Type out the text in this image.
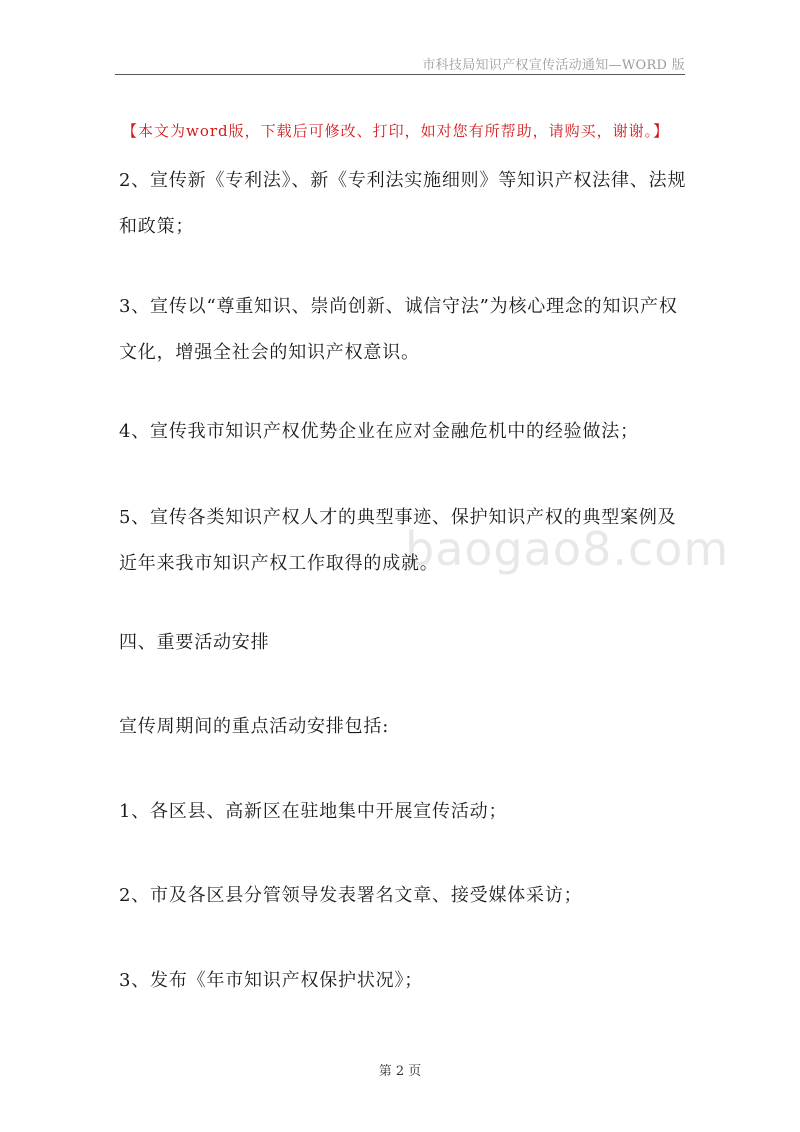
市科技局知识产权宣传活动通知—WORD 版
【本文为word版，下载后可修改、打印，如对您有所帮助，请购买，谢谢。】
baogao8.com
2、宣传新《专利法》、新《专利法实施细则》等知识产权法律、法规和政策；
3、宣传以“尊重知识、崇尚创新、诚信守法”为核心理念的知识产权文化，增强全社会的知识产权意识。
4、宣传我市知识产权优势企业在应对金融危机中的经验做法；
5、宣传各类知识产权人才的典型事迹、保护知识产权的典型案例及近年来我市知识产权工作取得的成就。
四、重要活动安排
宣传周期间的重点活动安排包括:
1、各区县、高新区在驻地集中开展宣传活动；
2、市及各区县分管领导发表署名文章、接受媒体采访；
3、发布《年市知识产权保护状况》；
第 2 页
